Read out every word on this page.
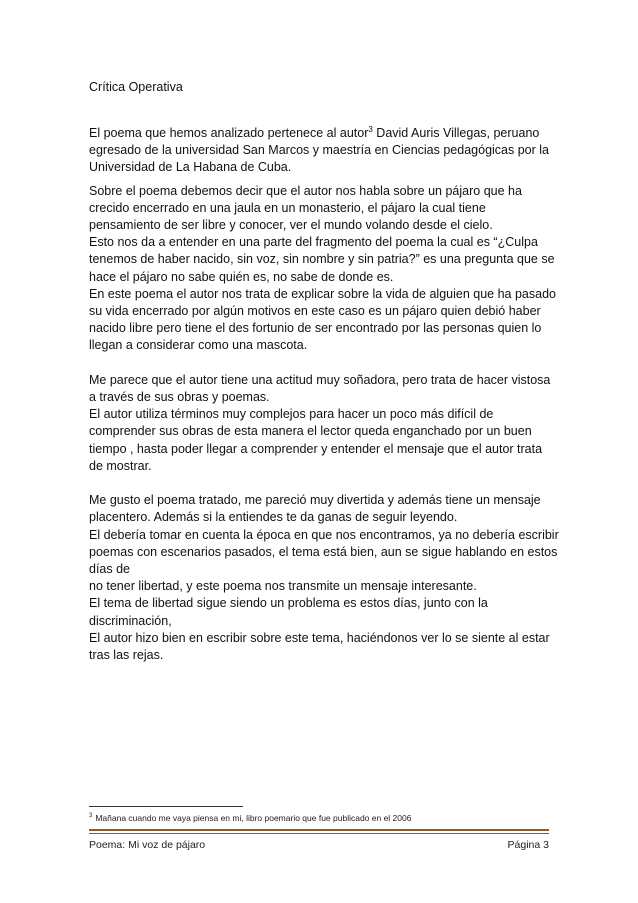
Crítica Operativa

El poema que hemos analizado pertenece al autor$^3$ David Auris Villegas, peruano egresado de la universidad San Marcos y maestría en Ciencias pedagógicas por la Universidad de La Habana de Cuba.

Sobre el poema debemos decir que el autor nos habla sobre un pájaro que ha crecido encerrado en una jaula en un monasterio, el pájaro la cual tiene pensamiento de ser libre y conocer, ver el mundo volando desde el cielo.

Esto nos da a entender en una parte del fragmento del poema la cual es “¿Culpa tenemos de haber nacido, sin voz, sin nombre y sin patria?” es una pregunta que se hace el pájaro no sabe quién es, no sabe de donde es.

En este poema el autor nos trata de explicar sobre la vida de alguien que ha pasado su vida encerrado por algún motivos en este caso es un pájaro quien debió haber nacido libre pero tiene el des fortunio de ser encontrado por las personas quien lo llegan a considerar como una mascota.

Me parece que el autor tiene una actitud muy soñadora, pero trata de hacer vistosa a través de sus obras y poemas.

El autor utiliza términos muy complejos para hacer un poco más difícil de comprender sus obras de esta manera el lector queda enganchado por un buen tiempo , hasta poder llegar a comprender y entender el mensaje que el autor trata de mostrar.

Me gusto el poema tratado, me pareció muy divertida y además tiene un mensaje placentero. Además si la entiendes te da ganas de seguir leyendo.

El debería tomar en cuenta la época en que nos encontramos, ya no debería escribir

poemas con escenarios pasados, el tema está bien, aun se sigue hablando en estos días de

no tener libertad, y este poema nos transmite un mensaje interesante.

El tema de libertad sigue siendo un problema es estos días, junto con la discriminación,

El autor hizo bien en escribir sobre este tema, haciéndonos ver lo se siente al estar tras las rejas.

$^3$ Mañana cuando me vaya piensa en mi, libro poemario que fue publicado en el 2006
Poema: Mi voz de pájaro	Página 3
